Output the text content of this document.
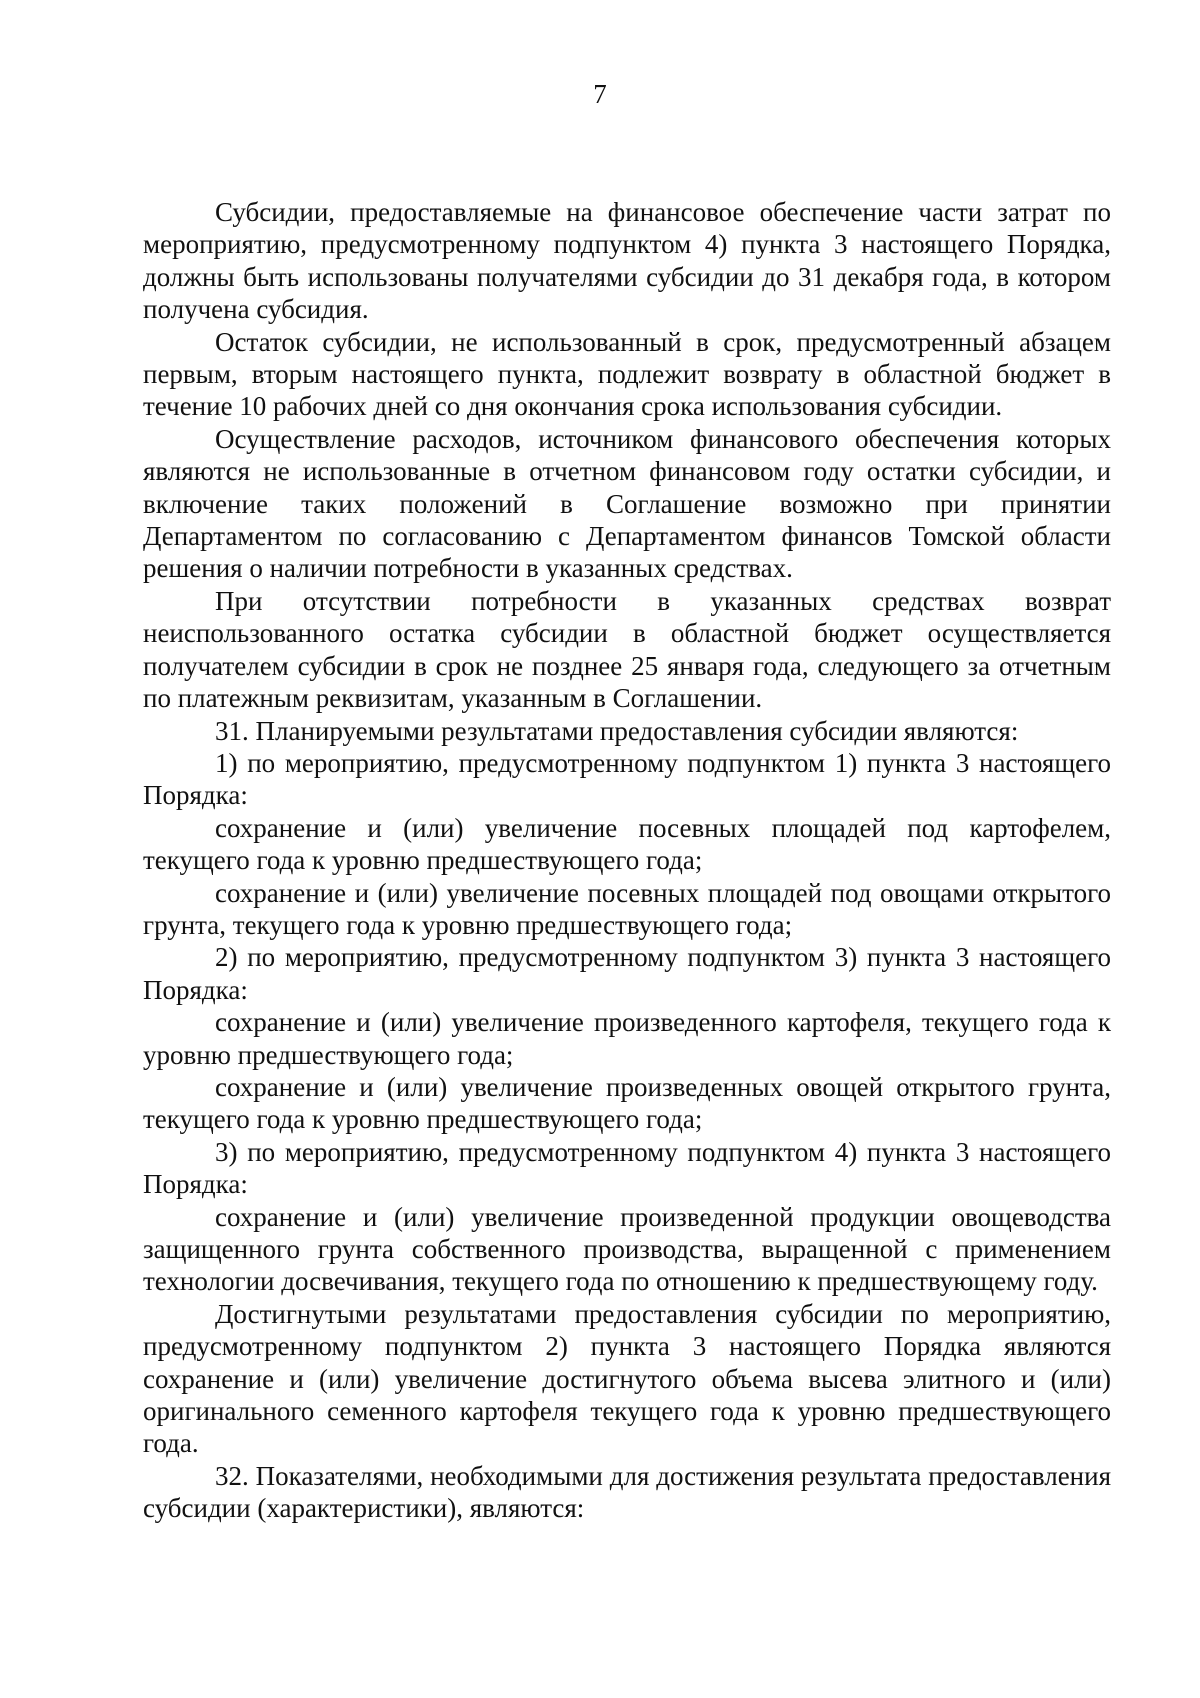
7

Субсидии, предоставляемые на финансовое обеспечение части затрат по мероприятию, предусмотренному подпунктом 4) пункта 3 настоящего Порядка, должны быть использованы получателями субсидии до 31 декабря года, в котором получена субсидия.

Остаток субсидии, не использованный в срок, предусмотренный абзацем первым, вторым настоящего пункта, подлежит возврату в областной бюджет в течение 10 рабочих дней со дня окончания срока использования субсидии.

Осуществление расходов, источником финансового обеспечения которых являются не использованные в отчетном финансовом году остатки субсидии, и включение таких положений в Соглашение возможно при принятии Департаментом по согласованию с Департаментом финансов Томской области решения о наличии потребности в указанных средствах.

При отсутствии потребности в указанных средствах возврат неиспользованного остатка субсидии в областной бюджет осуществляется получателем субсидии в срок не позднее 25 января года, следующего за отчетным по платежным реквизитам, указанным в Соглашении.

31. Планируемыми результатами предоставления субсидии являются:

1) по мероприятию, предусмотренному подпунктом 1) пункта 3 настоящего Порядка:

сохранение и (или) увеличение посевных площадей под картофелем, текущего года к уровню предшествующего года;

сохранение и (или) увеличение посевных площадей под овощами открытого грунта, текущего года к уровню предшествующего года;

2) по мероприятию, предусмотренному подпунктом 3) пункта 3 настоящего Порядка:

сохранение и (или) увеличение произведенного картофеля, текущего года к уровню предшествующего года;

сохранение и (или) увеличение произведенных овощей открытого грунта, текущего года к уровню предшествующего года;

3) по мероприятию, предусмотренному подпунктом 4) пункта 3 настоящего Порядка:

сохранение и (или) увеличение произведенной продукции овощеводства защищенного грунта собственного производства, выращенной с применением технологии досвечивания, текущего года по отношению к предшествующему году.

Достигнутыми результатами предоставления субсидии по мероприятию, предусмотренному подпунктом 2) пункта 3 настоящего Порядка являются сохранение и (или) увеличение достигнутого объема высева элитного и (или) оригинального семенного картофеля текущего года к уровню предшествующего года.

32. Показателями, необходимыми для достижения результата предоставления субсидии (характеристики), являются:
